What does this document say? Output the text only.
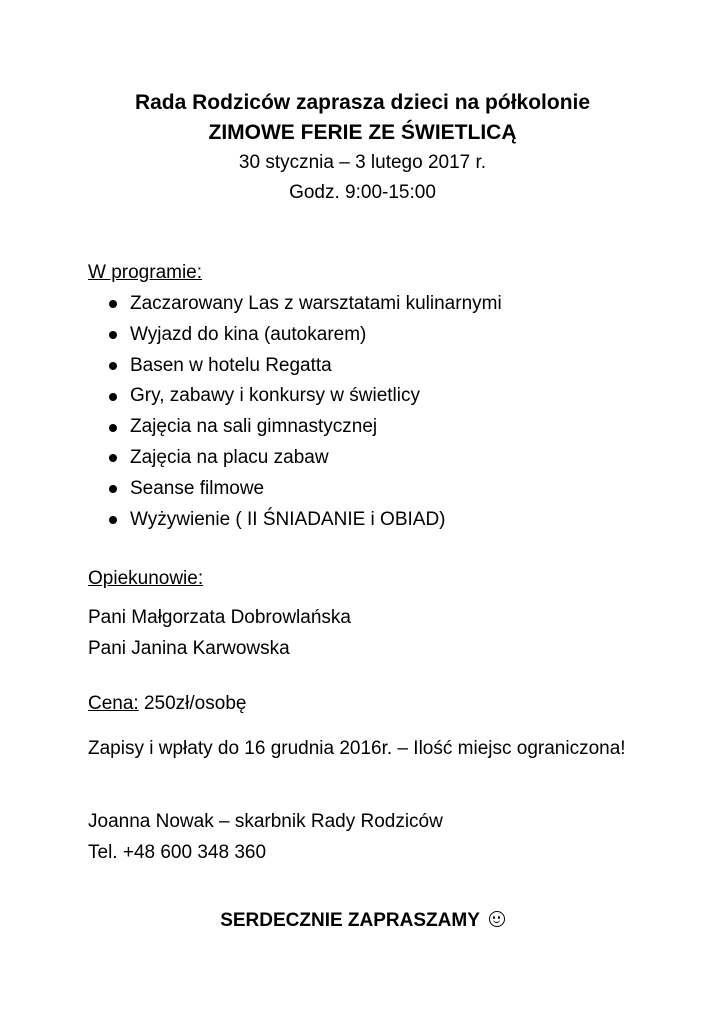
Rada Rodziców zaprasza dzieci na półkolonie

ZIMOWE FERIE ZE ŚWIETLICĄ

30 stycznia – 3 lutego 2017 r.

Godz. 9:00-15:00

W programie:

Zaczarowany Las z warsztatami kulinarnymi
Wyjazd do kina (autokarem)
Basen w hotelu Regatta
Gry, zabawy i konkursy w świetlicy
Zajęcia na sali gimnastycznej
Zajęcia na placu zabaw
Seanse filmowe
Wyżywienie ( II ŚNIADANIE i OBIAD)

Opiekunowie:

Pani Małgorzata Dobrowlańska
Pani Janina Karwowska
Cena: 250zł/osobę
Zapisy i wpłaty do 16 grudnia 2016r. – Ilość miejsc ograniczona!
Joanna Nowak – skarbnik Rady Rodziców
Tel. +48 600 348 360
SERDECZNIE ZAPRASZAMY
